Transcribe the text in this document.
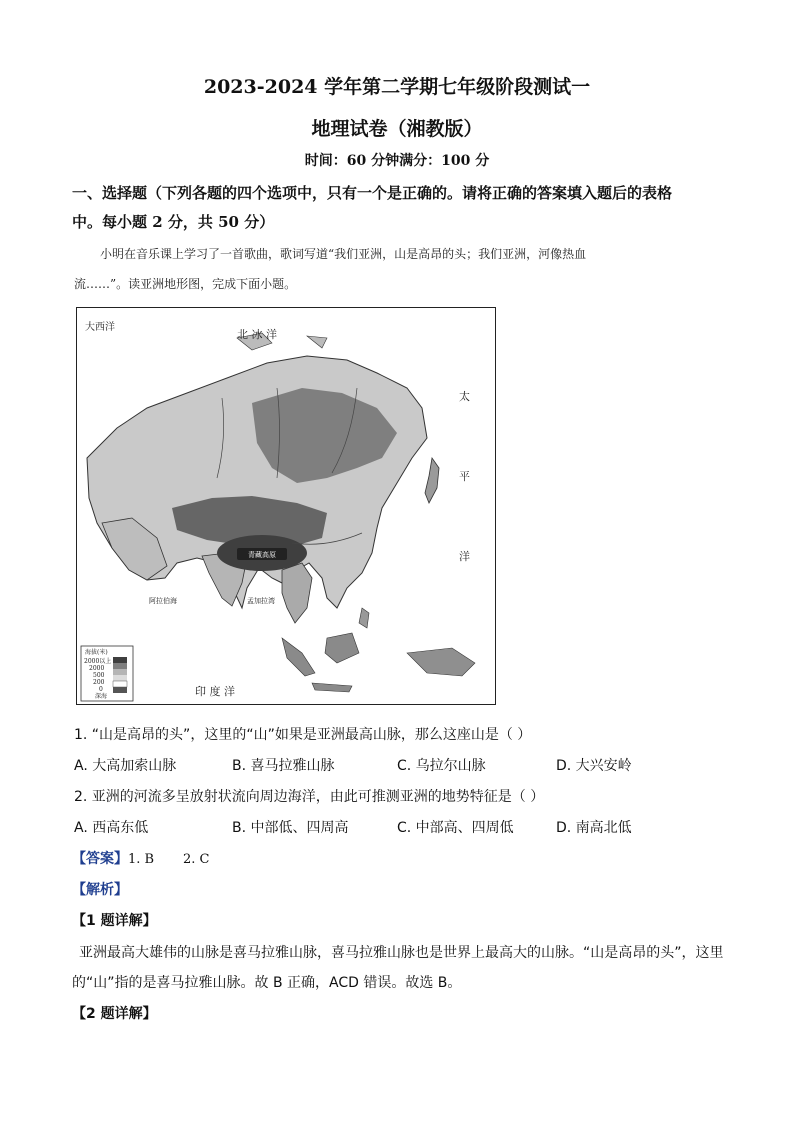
2023-2024 学年第二学期七年级阶段测试一
地理试卷（湘教版）
时间：60 分钟满分：100 分
一、选择题（下列各题的四个选项中，只有一个是正确的。请将正确的答案填入题后的表格
中。每小题 2 分，共 50 分）
小明在音乐课上学习了一首歌曲，歌词写道“我们亚洲，山是高昂的头；我们亚洲，河像热血
流……”。读亚洲地形图，完成下面小题。
青藏高原
大西洋
北 冰 洋
太
平
洋
印 度 洋
阿拉伯海	孟加拉湾
海拔(米)
2000以上
2000
500
200
0
深海
1. “山是高昂的头”，这里的“山”如果是亚洲最高山脉，那么这座山是（ ）
A. 大高加索山脉	B. 喜马拉雅山脉	C. 乌拉尔山脉	D. 大兴安岭
2. 亚洲的河流多呈放射状流向周边海洋，由此可推测亚洲的地势特征是（ ）
A. 西高东低	B. 中部低、四周高	C. 中部高、四周低	D. 南高北低
【答案】1. B       2. C
【解析】
【1 题详解】
亚洲最高大雄伟的山脉是喜马拉雅山脉，喜马拉雅山脉也是世界上最高大的山脉。“山是高昂的头”，这里
的“山”指的是喜马拉雅山脉。故 B 正确，ACD 错误。故选 B。
【2 题详解】
